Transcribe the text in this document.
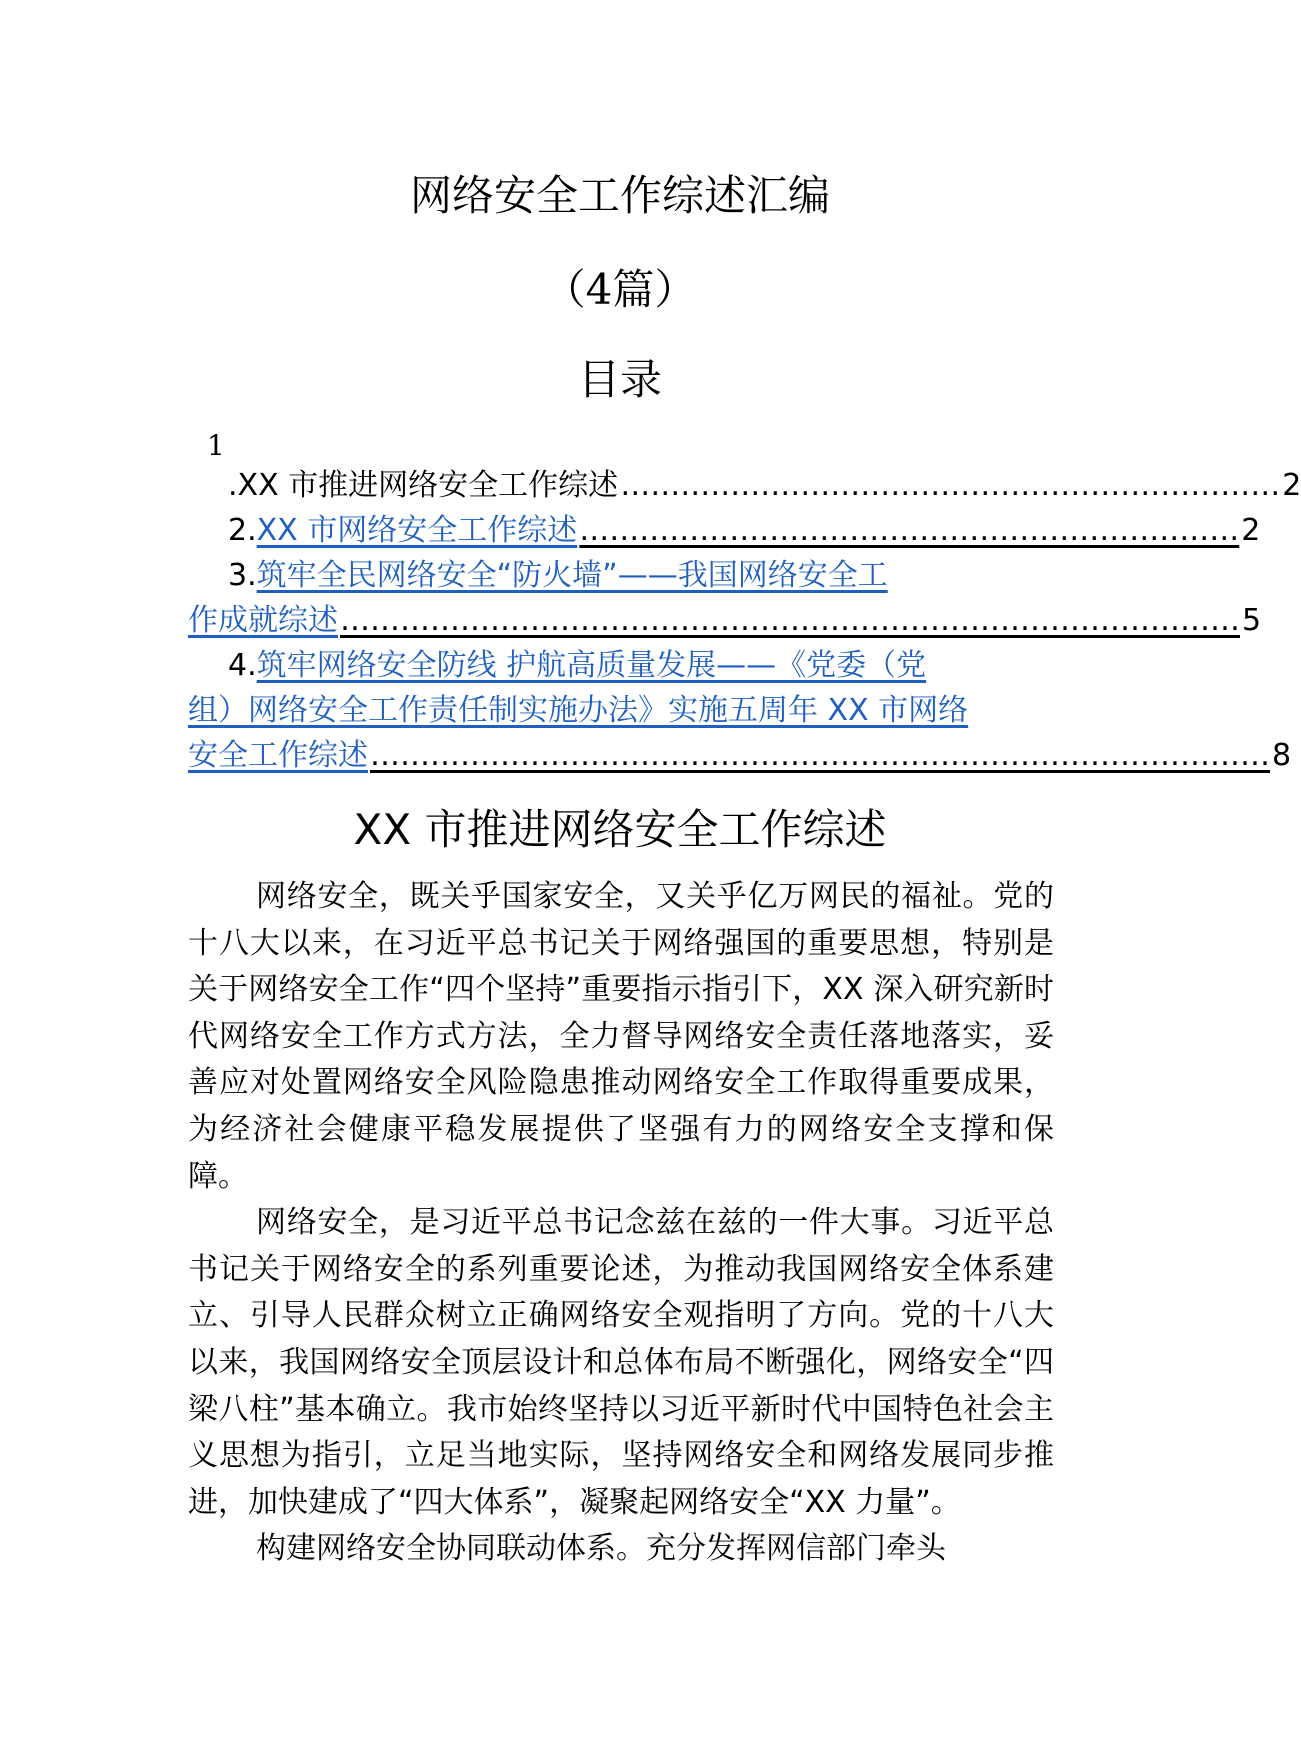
网络安全工作综述汇编
（4篇）
目录
1
. XX 市推进网络安全工作综述 ………………………………………………………… 2
2. XX 市网络安全工作综述 ………………………………………………………… 2
3. 筑牢全民网络安全“防火墙”——我国网络安全工
作成就综述 ……………………………………………………………………………… 5
4. 筑牢网络安全防线 护航高质量发展——《党委（党
组）网络安全工作责任制实施办法》实施五周年 XX 市网络
安全工作综述 ……………………………………………………………………………… 8
XX 市推进网络安全工作综述

网络安全，既关乎国家安全，又关乎亿万网民的福祉。党的十八大以来，在习近平总书记关于网络强国的重要思想，特别是关于网络安全工作“四个坚持”重要指示指引下，XX 深入研究新时代网络安全工作方式方法，全力督导网络安全责任落地落实，妥善应对处置网络安全风险隐患推动网络安全工作取得重要成果，为经济社会健康平稳发展提供了坚强有力的网络安全支撑和保障。

网络安全，是习近平总书记念兹在兹的一件大事。习近平总书记关于网络安全的系列重要论述，为推动我国网络安全体系建立、引导人民群众树立正确网络安全观指明了方向。党的十八大以来，我国网络安全顶层设计和总体布局不断强化，网络安全“四梁八柱”基本确立。我市始终坚持以习近平新时代中国特色社会主义思想为指引，立足当地实际，坚持网络安全和网络发展同步推进，加快建成了“四大体系”，凝聚起网络安全“XX 力量”。

构建网络安全协同联动体系。充分发挥网信部门牵头
